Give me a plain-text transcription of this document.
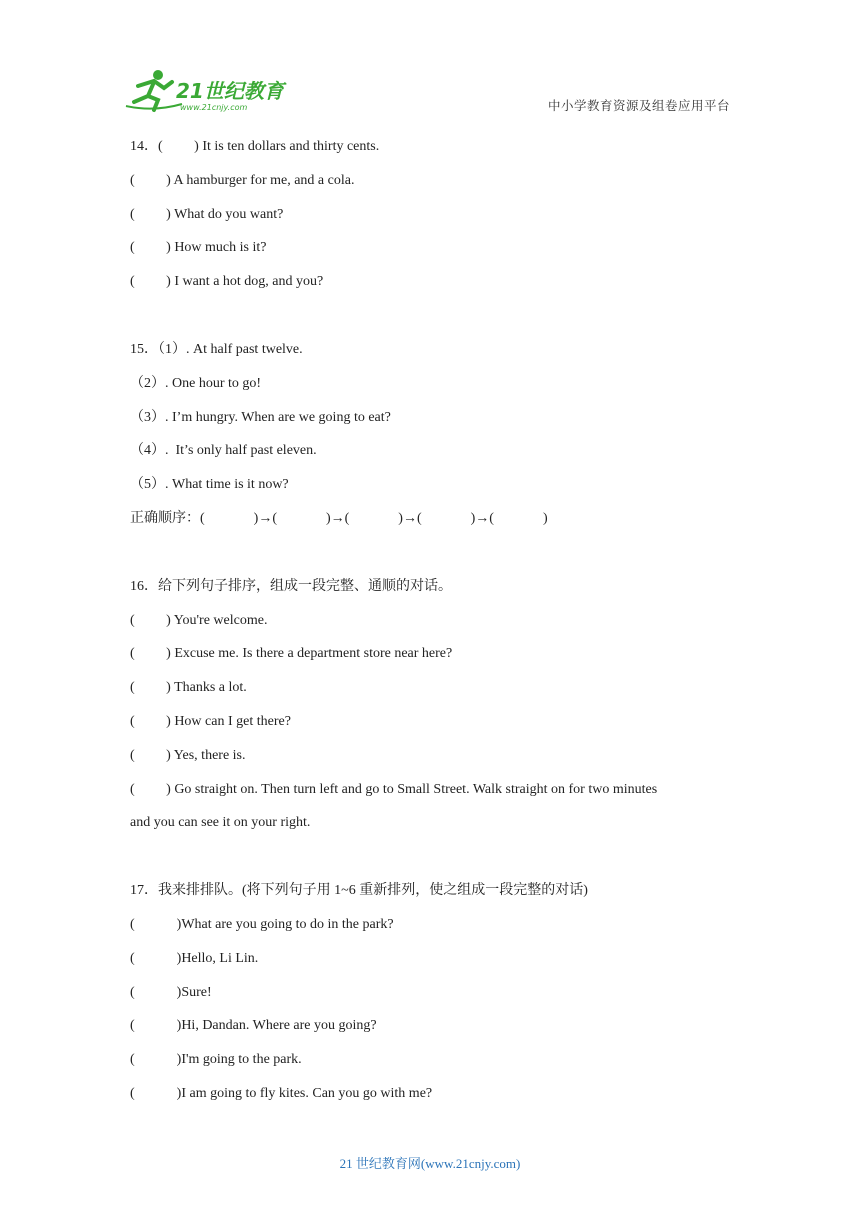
21世纪教育
www.21cnjy.com	中小学教育资源及组卷应用平台
14．(         ) It is ten dollars and thirty cents.
(         ) A hamburger for me, and a cola.
(         ) What do you want?
(         ) How much is it?
(         ) I want a hot dog, and you?
15．（1）. At half past twelve.
（2）. One hour to go!
（3）. I’m hungry. When are we going to eat?
（4）.  It’s only half past eleven.
（5）. What time is it now?
正确顺序：(              )→(              )→(              )→(              )→(              )
16．给下列句子排序，组成一段完整、通顺的对话。
(         ) You're welcome.
(         ) Excuse me. Is there a department store near here?
(         ) Thanks a lot.
(         ) How can I get there?
(         ) Yes, there is.
(         ) Go straight on. Then turn left and go to Small Street. Walk straight on for two minutes
and you can see it on your right.
17．我来排排队。(将下列句子用 1~6 重新排列，使之组成一段完整的对话)
(            )What are you going to do in the park?
(            )Hello, Li Lin.
(            )Sure!
(            )Hi, Dandan. Where are you going?
(            )I'm going to the park.
(            )I am going to fly kites. Can you go with me?
21 世纪教育网(www.21cnjy.com)
